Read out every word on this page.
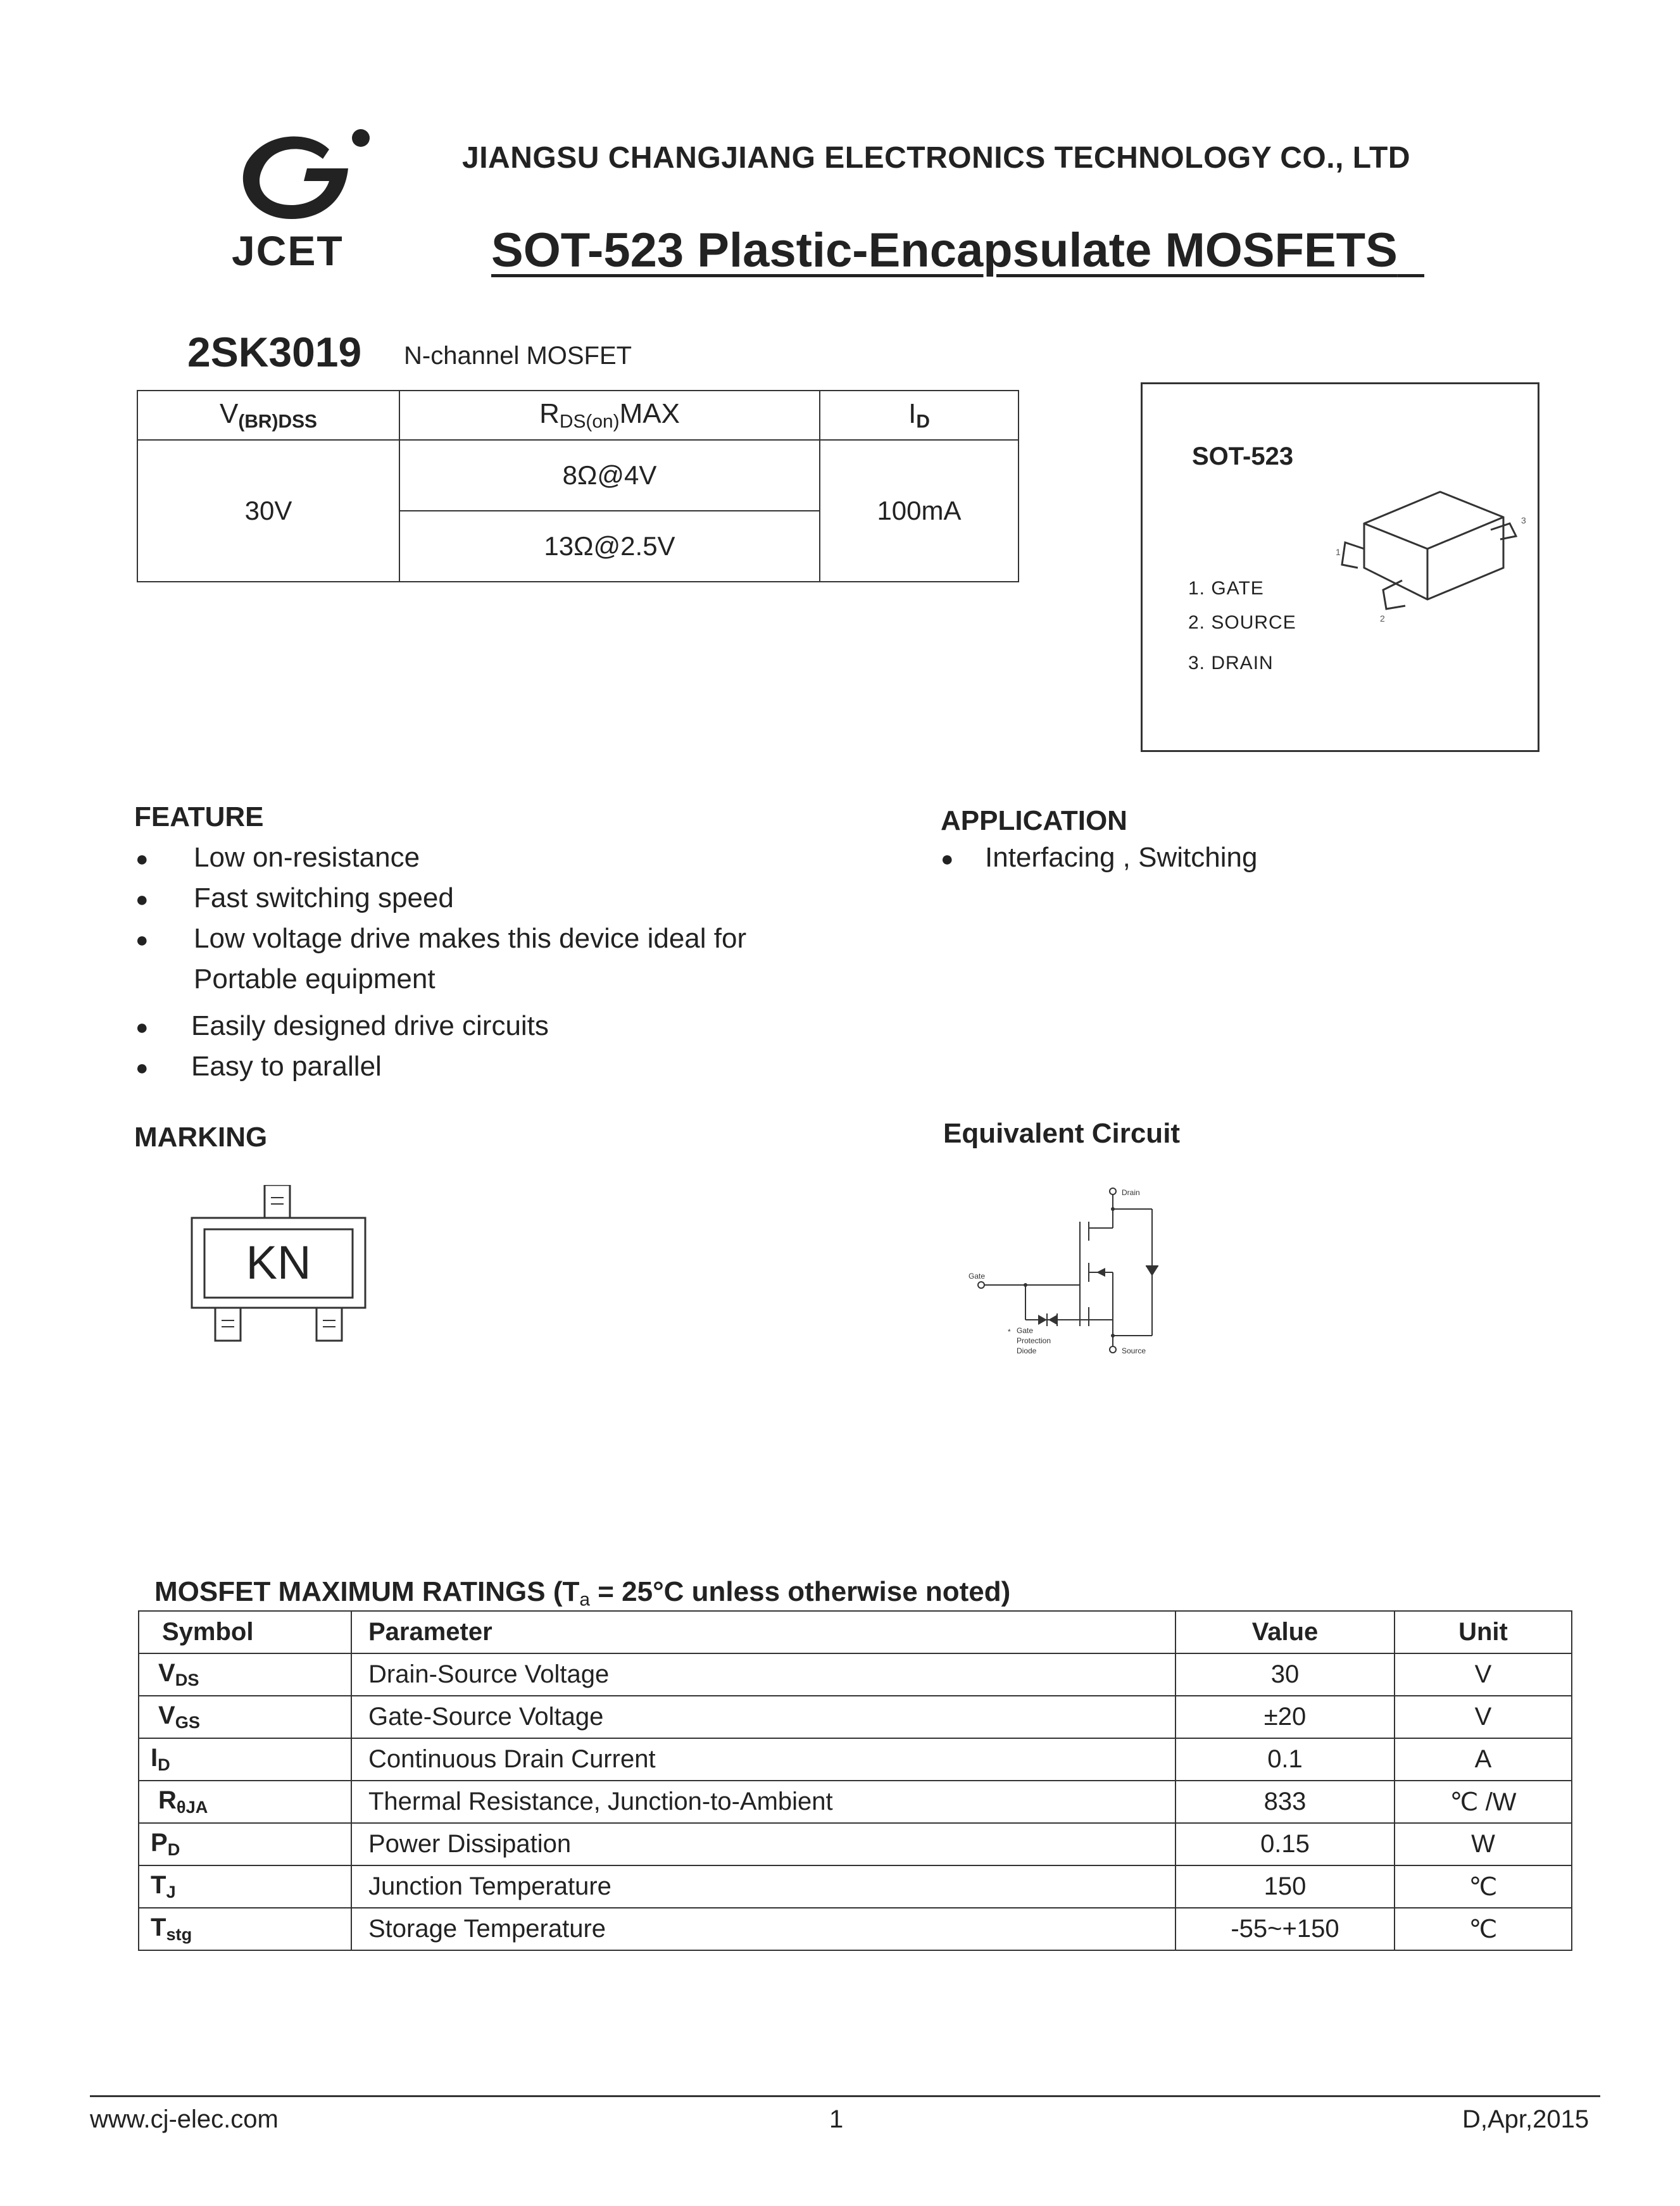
JCET
JIANGSU CHANGJIANG ELECTRONICS TECHNOLOGY CO., LTD
SOT-523 Plastic-Encapsulate MOSFETS
2SK3019 N-channel MOSFET
$V_{(BR)DSS}$	$R_{DS(on)}MAX$	$I_D$
30V	8Ω@4V	100mA
	13Ω@2.5V	
SOT-523
1
2
3
1. GATE
2. SOURCE
3. DRAIN
FEATURE
● Low on-resistance
● Fast switching speed
● Low voltage drive makes this device ideal for
Portable equipment
● Easily designed drive circuits
● Easy to parallel
APPLICATION
● Interfacing , Switching
MARKING
KN
Equivalent Circuit
Drain
Gate
Source
* Gate
Protection
Diode
MOSFET MAXIMUM RATINGS ($T_a = 25^\circ C$ unless otherwise noted)
Symbol	Parameter	Value	Unit
$V_{DS}$	Drain-Source Voltage	30	V
$V_{GS}$	Gate-Source Voltage	±20	V
$I_D$	Continuous Drain Current	0.1	A
$R_{\theta JA}$	Thermal Resistance, Junction-to-Ambient	833	℃ /W
$P_D$	Power Dissipation	0.15	W
$T_J$	Junction Temperature	150	℃
$T_{stg}$	Storage Temperature	-55~+150	℃
www.cj-elec.com	1	D,Apr,2015
